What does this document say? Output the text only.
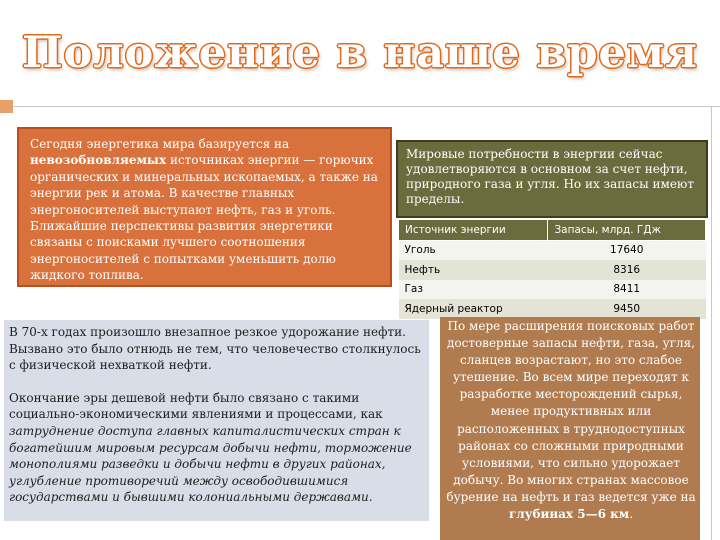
Положение в наше время
Сегодня энергетика мира базируется на невозобновляемых источниках энергии — горючих органических и минеральных ископаемых, а также на энергии рек и атома. В качестве главных энергоносителей выступают нефть, газ и уголь. Ближайшие перспективы развития энергетики связаны с поисками лучшего соотношения энергоносителей с попытками уменьшить долю жидкого топлива.
Мировые потребности в энергии сейчас удовлетворяются в основном за счет нефти, природного газа и угля. Но их запасы имеют пределы.
Источник энергии	Запасы, млрд. ГДж
Уголь	17640
Нефть	8316
Газ	8411
Ядерный реактор	9450

В 70-х годах произошло внезапное резкое удорожание нефти. Вызвано это было отнюдь не тем, что человечество столкнулось с физической нехваткой нефти.

Окончание эры дешевой нефти было связано с такими социально-экономическими явлениями и процессами, как затруднение доступа главных капиталистических стран к богатейшим мировым ресурсам добычи нефти, торможение монополиями разведки и добычи нефти в других районах, углубление противоречий между освободившимися государствами и бывшими колониальными державами.

По мере расширения поисковых работ достоверные запасы нефти, газа, угля, сланцев возрастают, но это слабое утешение. Во всем мире переходят к разработке месторождений сырья, менее продуктивных или расположенных в труднодоступных районах со сложными природными условиями, что сильно удорожает добычу. Во многих странах массовое бурение на нефть и газ ведется уже на глубинах 5—6 км.
